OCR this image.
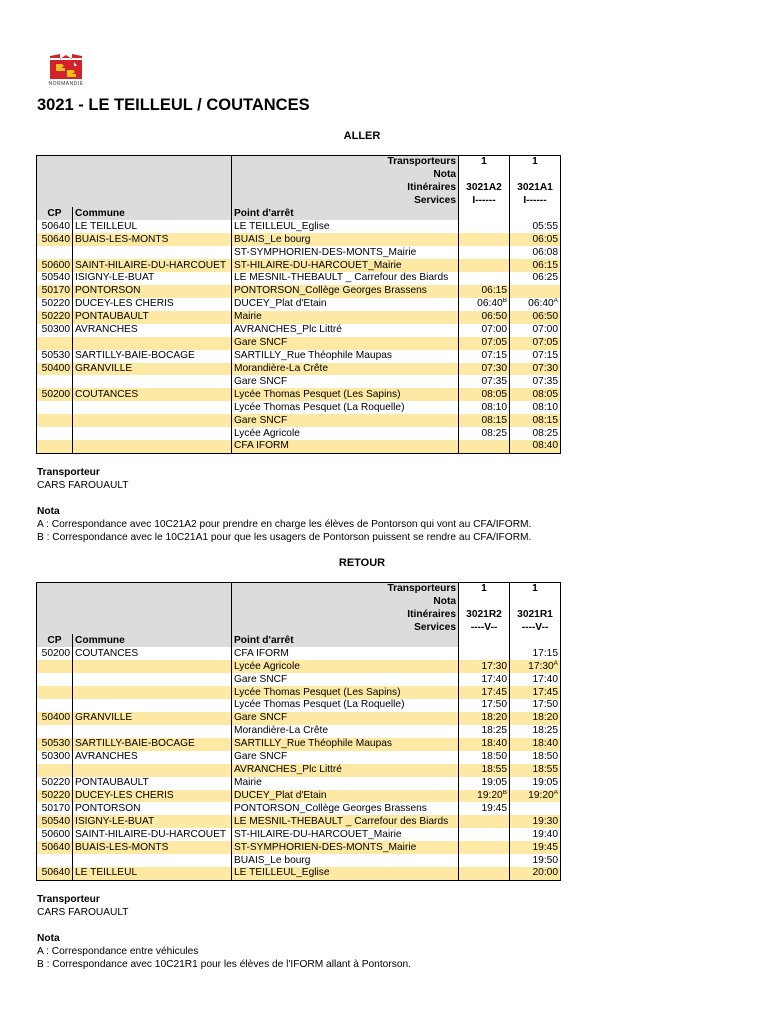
NORMANDIE
3021 - LE TEILLEUL / COUTANCES
ALLER
		Transporteurs	1	1
		Nota		
		Itinéraires	3021A2	3021A1
		Services	I------	I------
CP	Commune	Point d'arrêt		
50640	LE TEILLEUL	LE TEILLEUL_Eglise		05:55
50640	BUAIS-LES-MONTS	BUAIS_Le bourg		06:05
		ST-SYMPHORIEN-DES-MONTS_Mairie		06:08
50600	SAINT-HILAIRE-DU-HARCOUET	ST-HILAIRE-DU-HARCOUET_Mairie		06:15
50540	ISIGNY-LE-BUAT	LE MESNIL-THEBAULT _ Carrefour des Biards		06:25
50170	PONTORSON	PONTORSON_Collège Georges Brassens	06:15	
50220	DUCEY-LES CHERIS	DUCEY_Plat d'Etain	$06:40^B$	$06:40^A$
50220	PONTAUBAULT	Mairie	06:50	06:50
50300	AVRANCHES	AVRANCHES_Plc Littré	07:00	07:00
		Gare SNCF	07:05	07:05
50530	SARTILLY-BAIE-BOCAGE	SARTILLY_Rue Théophile Maupas	07:15	07:15
50400	GRANVILLE	Morandière-La Crête	07:30	07:30
		Gare SNCF	07:35	07:35
50200	COUTANCES	Lycée Thomas Pesquet (Les Sapins)	08:05	08:05
		Lycée Thomas Pesquet (La Roquelle)	08:10	08:10
		Gare SNCF	08:15	08:15
		Lycée Agricole	08:25	08:25
		CFA IFORM		08:40
Transporteur
CARS FAROUAULT
Nota
A : Correspondance avec 10C21A2 pour prendre en charge les élèves de Pontorson qui vont au CFA/IFORM.
B : Correspondance avec le 10C21A1 pour que les usagers de Pontorson puissent se rendre au CFA/IFORM.
RETOUR
		Transporteurs	1	1
		Nota		
		Itinéraires	3021R2	3021R1
		Services	----V--	----V--
CP	Commune	Point d'arrêt		
50200	COUTANCES	CFA IFORM		17:15
		Lycée Agricole	17:30	$17:30^A$
		Gare SNCF	17:40	17:40
		Lycée Thomas Pesquet (Les Sapins)	17:45	17:45
		Lycée Thomas Pesquet (La Roquelle)	17:50	17:50
50400	GRANVILLE	Gare SNCF	18:20	18:20
		Morandière-La Crête	18:25	18:25
50530	SARTILLY-BAIE-BOCAGE	SARTILLY_Rue Théophile Maupas	18:40	18:40
50300	AVRANCHES	Gare SNCF	18:50	18:50
		AVRANCHES_Plc Littré	18:55	18:55
50220	PONTAUBAULT	Mairie	19:05	19:05
50220	DUCEY-LES CHERIS	DUCEY_Plat d'Etain	$19:20^B$	$19:20^A$
50170	PONTORSON	PONTORSON_Collège Georges Brassens	19:45	
50540	ISIGNY-LE-BUAT	LE MESNIL-THEBAULT _ Carrefour des Biards		19:30
50600	SAINT-HILAIRE-DU-HARCOUET	ST-HILAIRE-DU-HARCOUET_Mairie		19:40
50640	BUAIS-LES-MONTS	ST-SYMPHORIEN-DES-MONTS_Mairie		19:45
		BUAIS_Le bourg		19:50
50640	LE TEILLEUL	LE TEILLEUL_Eglise		20:00
Transporteur
CARS FAROUAULT
Nota
A : Correspondance entre véhicules
B : Correspondance avec 10C21R1 pour les élèves de l'IFORM allant à Pontorson.
